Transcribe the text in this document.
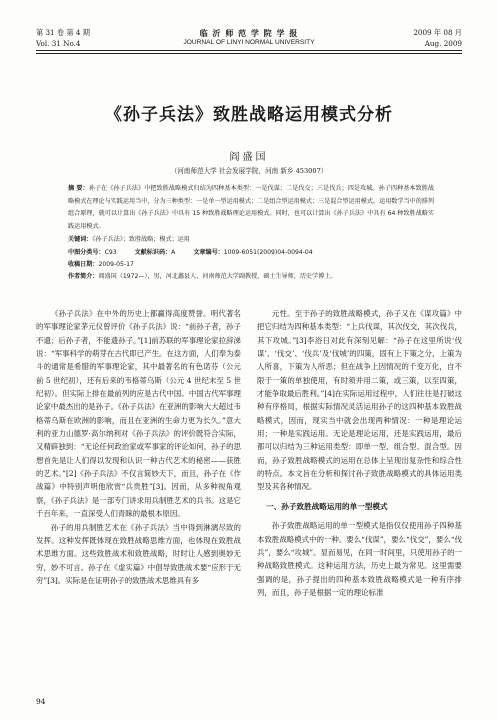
第 31 卷 第 4 期	临 沂 师 范 学 院 学 报	2009 年 08 月
Vol. 31 No.4	JOURNAL OF LINYI NORMAL UNIVERSITY	Aug. 2009
《孙子兵法》致胜战略运用模式分析
阎盛国
（河南师范大学 社会发展学院，河南 新乡 453007）
摘 要：孙子在《孙子兵法》中把致胜战略模式归结为四种基本类型：一是伐谋；二是伐交；三是伐兵；四是攻城。孙子四种基本致胜战略模式在理论与实践运用当中，分为三种类型：一是单一型运用模式；二是组合型运用模式；三是混合型运用模式。运用数学当中的排列组合原理，就可以计算出《孙子兵法》中具有 15 种致胜战略理论运用模式。同时，也可以计算出《孙子兵法》中具有 64 种致胜战略实践运用模式。
关键词：《孙子兵法》；致胜战略；模式；运用
中图分类号：C93	文献标识码：A	文章编号：1009-6051(2009)04-0094-04
收稿日期：2009-05-17
作者简介：阎盛国（1972—），男，河北蠡县人，河南师范大学副教授，硕士生导师，历史学博士。

《孙子兵法》在中外的历史上都赢得高度赞誉。明代著名的军事理论家茅元仪曾评价《孙子兵法》说：“前孙子者，孙子不遗；后孙子者，不能遗孙子。”[1]前苏联的军事理论家拉辞涕说：“军事科学的萌芽在古代即已产生。在这方面，人们奉为泰斗的通常是希腊的军事理论家，其中最著名的有色诺芬（公元前 5 世纪初），还有后来的韦格蒂乌斯（公元 4 世纪末至 5 世纪初）。但实际上排在最前列的应是古代中国。中国古代军事理论家中最杰出的是孙子。《孙子兵法》在亚洲的影响大大超过韦格蒂乌斯在欧洲的影响，而且在亚洲的生命力更为长久。”意大利的亚力山德罗·高尔纳利对《孙子兵法》的评价既符合实际，又精辟独到：“无论任何政治家或军事家的评论如何，孙子的思想首先是让人们得以发现和认识一种古代艺术的秘密——获胜的艺术。”[2]《孙子兵法》不仅言简妙天下，而且，孙子在《作战篇》中特别声明他欣赏“兵贵胜”[3]。因而，从多种视角观察，《孙子兵法》是一部专门讲求用兵制胜艺术的兵书。这是它千百年来，一直深受人们青睐的最根本原因。

孙子的用兵制胜艺术在《孙子兵法》当中得到淋漓尽致的发挥。这种发挥既体现在致胜战略思维方面，也体现在致胜战术思维方面。这些致胜战术和致胜战略，时时让人感到奥妙无穷，妙不可言。孙子在《虚实篇》中倡导致胜战术要“应形于无穷”[3]。实际是在证明孙子的致胜战术思维具有多

元性。至于孙子的致胜战略模式，孙子又在《谋攻篇》中把它归结为四种基本类型：“上兵伐谋，其次伐交，其次伐兵，其下攻城。”[3]李浴日对此有深刻见解：“孙子在这里所说‘伐谋’、‘伐交’、‘伐兵’及‘伐城’的四策，固有上下策之分，上策为人所喜，下策为人所恶；但在战争上因情况的千变万化，自不限于一策的单独使用，有时须并用二策，或三策，以至四策，才能争取最后胜利。”[4]在实际运用过程中，人们往往是打破这种有序格局，根据实际情况灵活运用孙子的这四种基本致胜战略模式，因而，现实当中就会出现两种情况：一种是理论运用；一种是实践运用。无论是理论运用，还是实践运用，最后都可以归结为三种运用类型：即单一型、组合型、混合型。因而，孙子致胜战略模式的运用在总体上呈现出复杂性和综合性的特点。本文旨在分析和探讨孙子致胜战略模式的具体运用类型及其各种情况。

一、孙子致胜战略运用的单一型模式

孙子致胜战略运用的单一型模式是指仅仅使用孙子四种基本致胜战略模式中的一种。要么“伐谋”，要么“伐交”，要么“伐兵”，要么“攻城”。显而易见，在同一时间里，只使用孙子的一种战略致胜模式。这种运用方法，历史上最为常见。这里需要强调的是，孙子提出的四种基本致胜战略模式是一种有序排列，而且，孙子是根据一定的理论标准

94
